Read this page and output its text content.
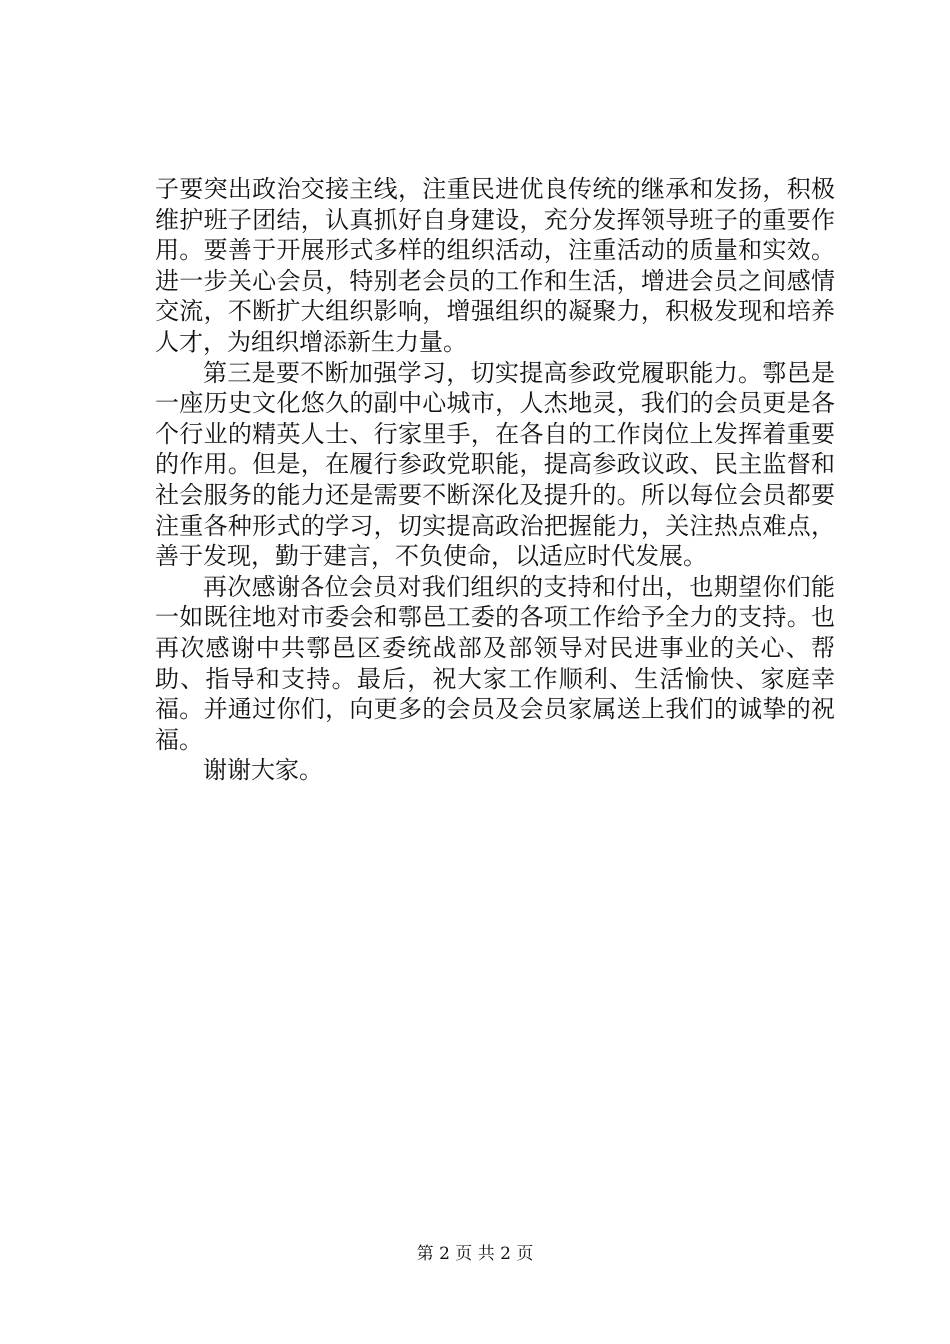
子要突出政治交接主线，注重民进优良传统的继承和发扬，积极维护班子团结，认真抓好自身建设，充分发挥领导班子的重要作用。要善于开展形式多样的组织活动，注重活动的质量和实效。进一步关心会员，特别老会员的工作和生活，增进会员之间感情交流，不断扩大组织影响，增强组织的凝聚力，积极发现和培养人才，为组织增添新生力量。

第三是要不断加强学习，切实提高参政党履职能力。鄠邑是一座历史文化悠久的副中心城市，人杰地灵，我们的会员更是各个行业的精英人士、行家里手，在各自的工作岗位上发挥着重要的作用。但是，在履行参政党职能，提高参政议政、民主监督和社会服务的能力还是需要不断深化及提升的。所以每位会员都要注重各种形式的学习，切实提高政治把握能力，关注热点难点，善于发现，勤于建言，不负使命，以适应时代发展。

再次感谢各位会员对我们组织的支持和付出，也期望你们能一如既往地对市委会和鄠邑工委的各项工作给予全力的支持。也再次感谢中共鄠邑区委统战部及部领导对民进事业的关心、帮助、指导和支持。最后，祝大家工作顺利、生活愉快、家庭幸福。并通过你们，向更多的会员及会员家属送上我们的诚挚的祝福。

谢谢大家。

第 2 页 共 2 页
